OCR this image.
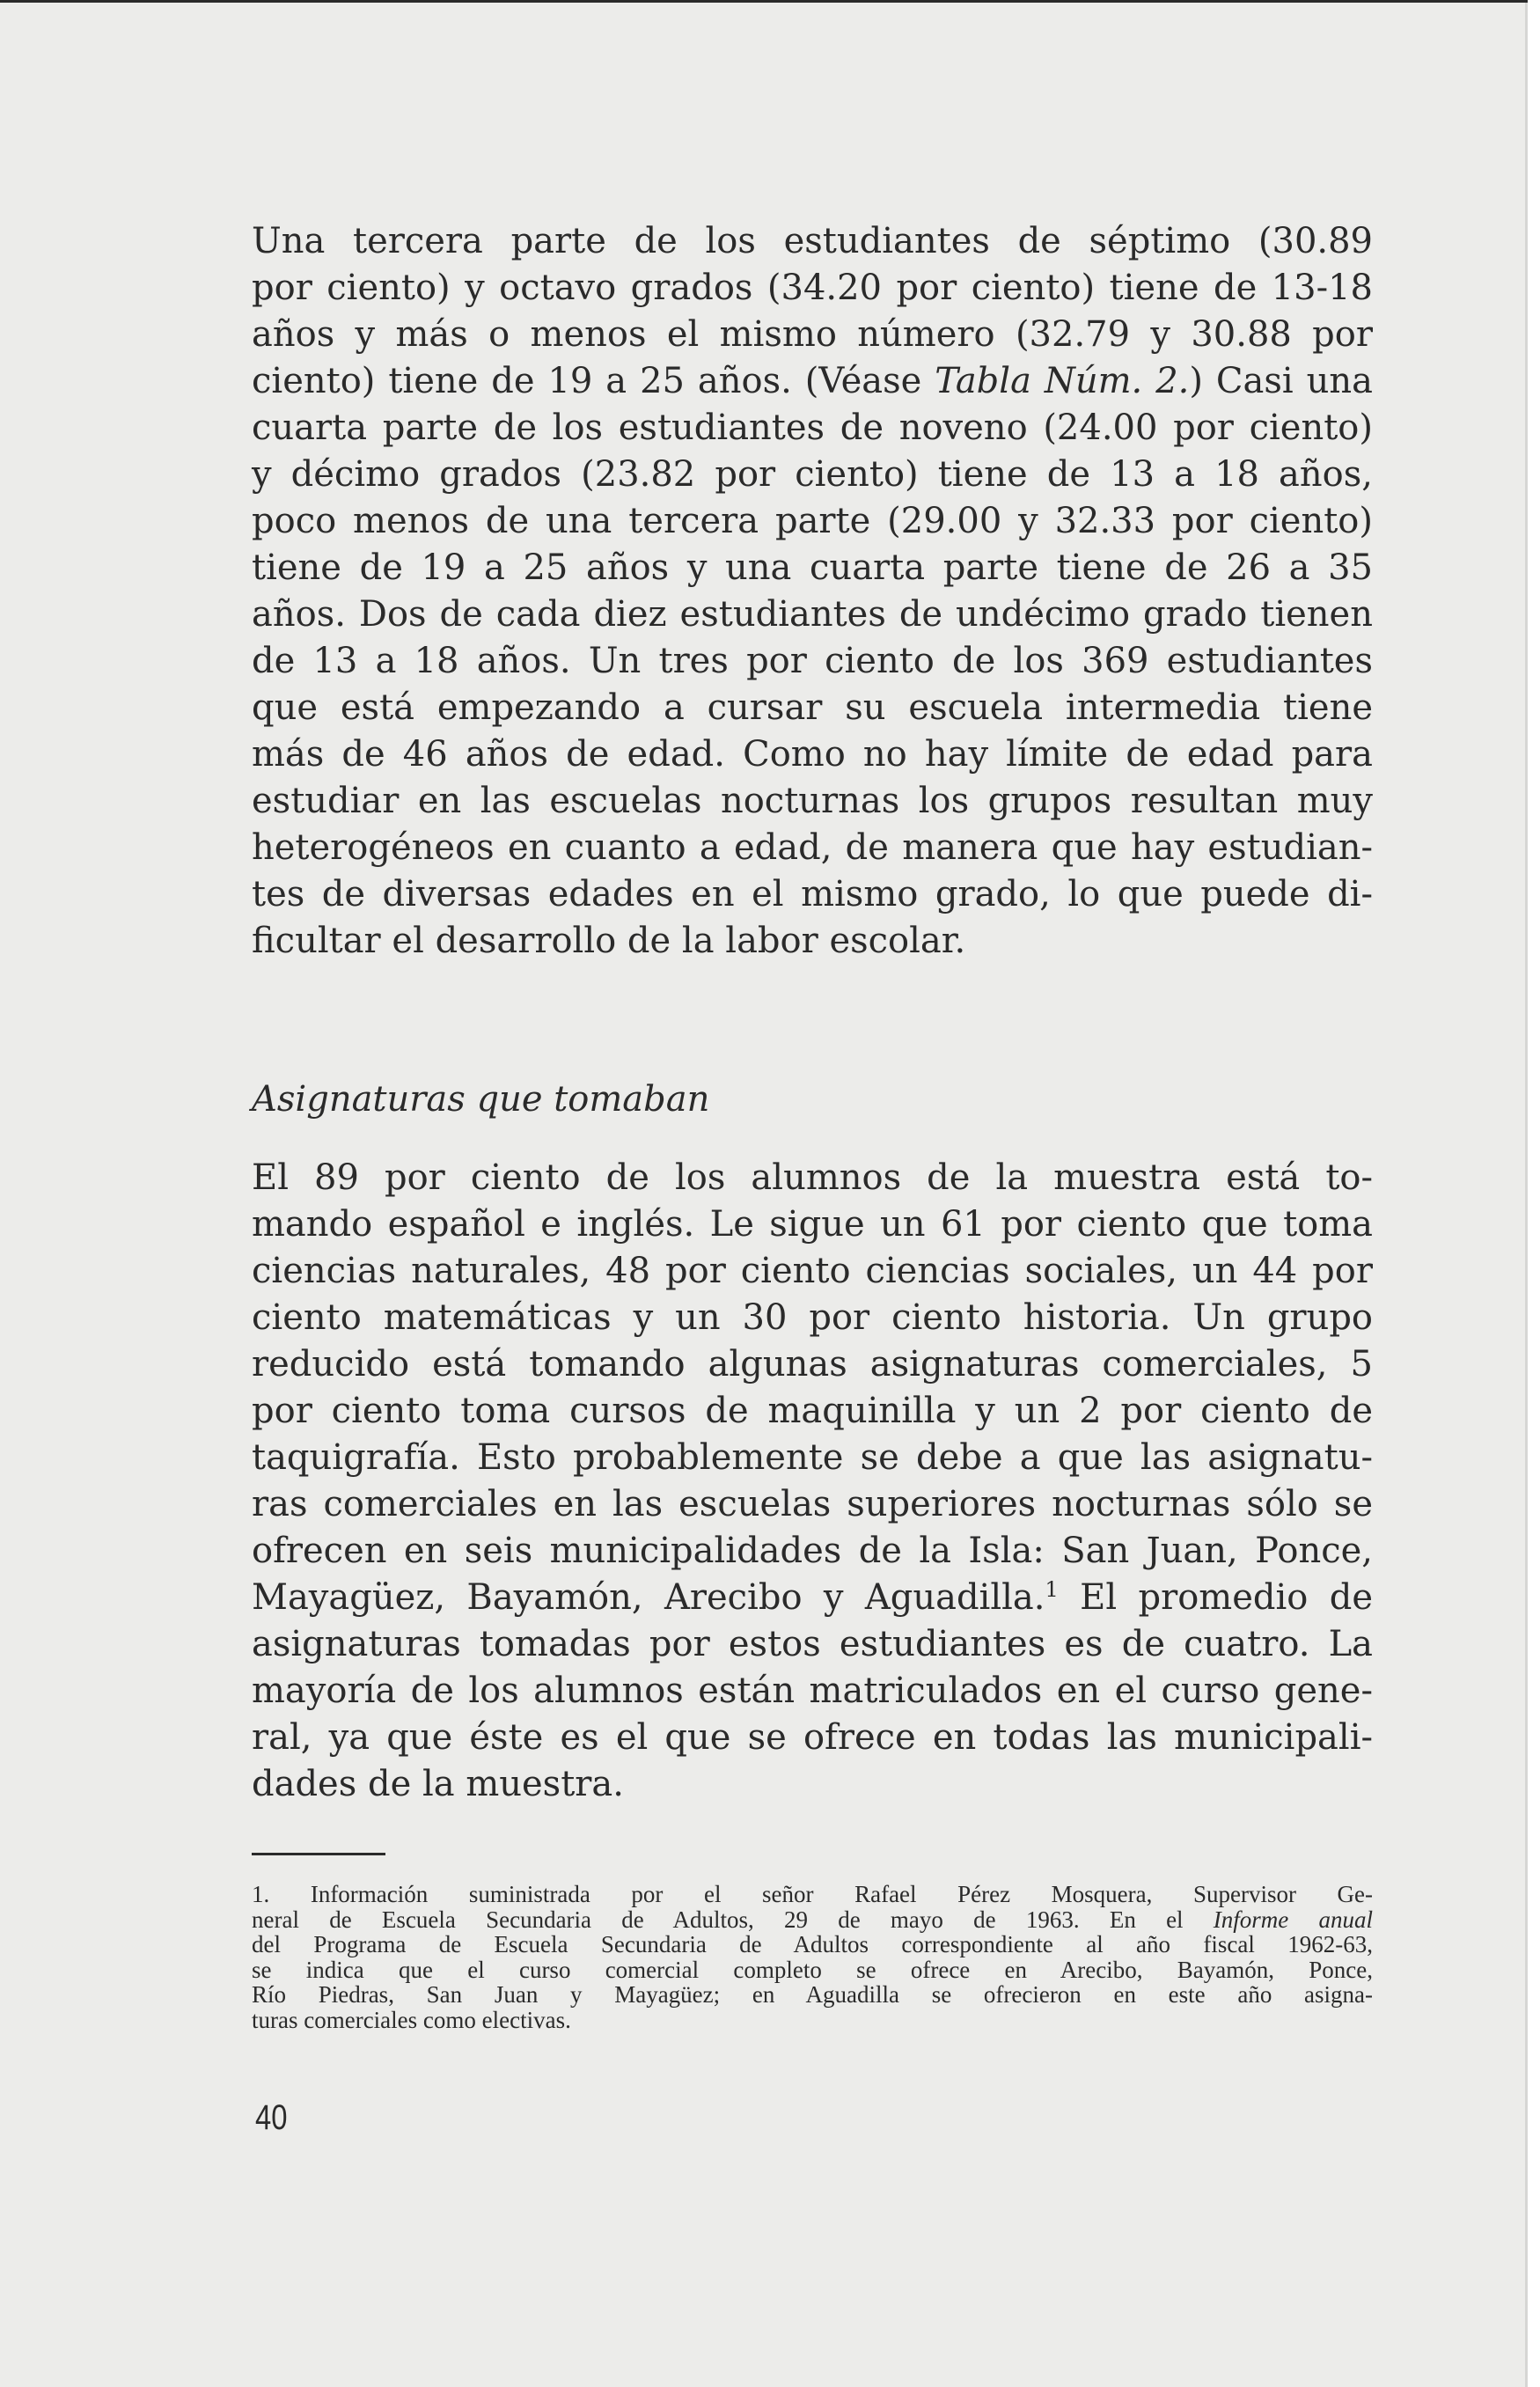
Una tercera parte de los estudiantes de séptimo (30.89
por ciento) y octavo grados (34.20 por ciento) tiene de 13-18
años y más o menos el mismo número (32.79 y 30.88 por
ciento) tiene de 19 a 25 años. (Véase Tabla Núm. 2.) Casi una
cuarta parte de los estudiantes de noveno (24.00 por ciento)
y décimo grados (23.82 por ciento) tiene de 13 a 18 años,
poco menos de una tercera parte (29.00 y 32.33 por ciento)
tiene de 19 a 25 años y una cuarta parte tiene de 26 a 35
años. Dos de cada diez estudiantes de undécimo grado tienen
de 13 a 18 años. Un tres por ciento de los 369 estudiantes
que está empezando a cursar su escuela intermedia tiene
más de 46 años de edad. Como no hay límite de edad para
estudiar en las escuelas nocturnas los grupos resultan muy
heterogéneos en cuanto a edad, de manera que hay estudian-
tes de diversas edades en el mismo grado, lo que puede di-
ficultar el desarrollo de la labor escolar.
Asignaturas que tomaban
El 89 por ciento de los alumnos de la muestra está to-
mando español e inglés. Le sigue un 61 por ciento que toma
ciencias naturales, 48 por ciento ciencias sociales, un 44 por
ciento matemáticas y un 30 por ciento historia. Un grupo
reducido está tomando algunas asignaturas comerciales, 5
por ciento toma cursos de maquinilla y un 2 por ciento de
taquigrafía. Esto probablemente se debe a que las asignatu-
ras comerciales en las escuelas superiores nocturnas sólo se
ofrecen en seis municipalidades de la Isla: San Juan, Ponce,
Mayagüez, Bayamón, Arecibo y Aguadilla.$^1$ El promedio de
asignaturas tomadas por estos estudiantes es de cuatro. La
mayoría de los alumnos están matriculados en el curso gene-
ral, ya que éste es el que se ofrece en todas las municipali-
dades de la muestra.
1. Información suministrada por el señor Rafael Pérez Mosquera, Supervisor Ge-
neral de Escuela Secundaria de Adultos, 29 de mayo de 1963. En el Informe anual
del Programa de Escuela Secundaria de Adultos correspondiente al año fiscal 1962-63,
se indica que el curso comercial completo se ofrece en Arecibo, Bayamón, Ponce,
Río Piedras, San Juan y Mayagüez; en Aguadilla se ofrecieron en este año asigna-
turas comerciales como electivas.
40
